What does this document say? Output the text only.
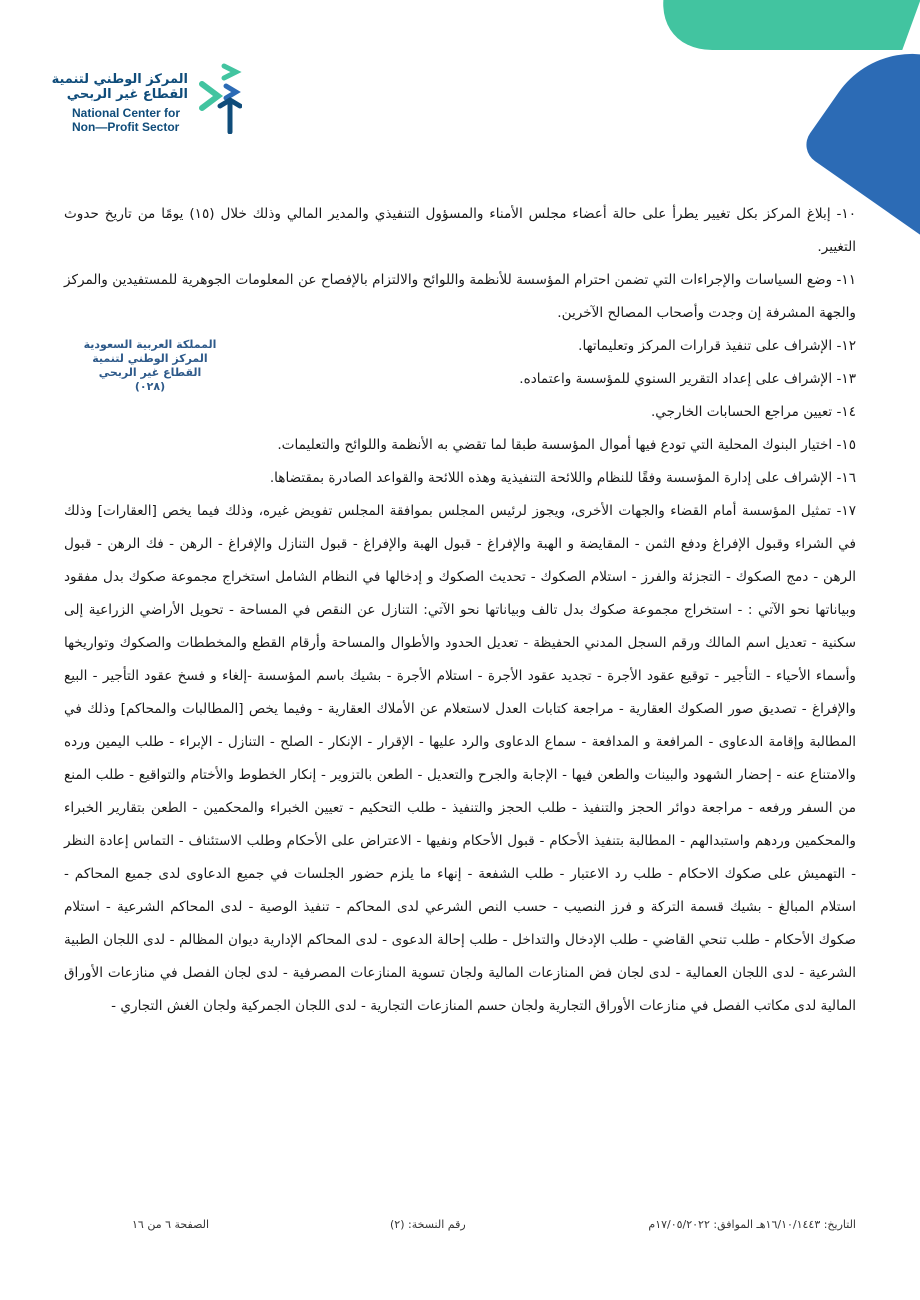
المركز الوطني لتنمية
القطاع غير الربحي
National Center for
Non—Profit Sector
المملكة العربية السعودية
المركز الوطني لتنمية
القطاع غير الربحي
(٠٢٨)

١٠- إبلاغ المركز بكل تغيير يطرأ على حالة أعضاء مجلس الأمناء والمسؤول التنفيذي والمدير المالي وذلك خلال (١٥) يومًا من تاريخ حدوث التغيير.

١١- وضع السياسات والإجراءات التي تضمن احترام المؤسسة للأنظمة واللوائح والالتزام بالإفصاح عن المعلومات الجوهرية للمستفيدين والمركز والجهة المشرفة إن وجدت وأصحاب المصالح الآخرين.

١٢- الإشراف على تنفيذ قرارات المركز وتعليماتها.

١٣- الإشراف على إعداد التقرير السنوي للمؤسسة واعتماده.

١٤- تعيين مراجع الحسابات الخارجي.

١٥- اختيار البنوك المحلية التي تودع فيها أموال المؤسسة طبقا لما تقضي به الأنظمة واللوائح والتعليمات.

١٦- الإشراف على إدارة المؤسسة وفقًا للنظام واللائحة التنفيذية وهذه اللائحة والقواعد الصادرة بمقتضاها.

١٧- تمثيل المؤسسة أمام القضاء والجهات الأخرى، ويجوز لرئيس المجلس بموافقة المجلس تفويض غيره، وذلك فيما يخص [العقارات] وذلك في الشراء وقبول الإفراغ ودفع الثمن - المقايضة و الهبة والإفراغ - قبول الهبة والإفراغ - قبول التنازل والإفراغ - الرهن - فك الرهن - قبول الرهن - دمج الصكوك - التجزئة والفرز - استلام الصكوك - تحديث الصكوك و إدخالها في النظام الشامل استخراج مجموعة صكوك بدل مفقود وبياناتها نحو الآتي : - استخراج مجموعة صكوك بدل تالف وبياناتها نحو الآتي: التنازل عن النقص في المساحة - تحويل الأراضي الزراعية إلى سكنية - تعديل اسم المالك ورقم السجل المدني الحفيظة - تعديل الحدود والأطوال والمساحة وأرقام القطع والمخططات والصكوك وتواريخها وأسماء الأحياء - التأجير - توقيع عقود الأجرة - تجديد عقود الأجرة - استلام الأجرة - بشيك باسم المؤسسة -إلغاء و فسخ عقود التأجير - البيع والإفراغ - تصديق صور الصكوك العقارية - مراجعة كتابات العدل لاستعلام عن الأملاك العقارية - وفيما يخص [المطالبات والمحاكم] وذلك في المطالبة وإقامة الدعاوى - المرافعة و المدافعة - سماع الدعاوى والرد عليها - الإقرار - الإنكار - الصلح - التنازل - الإبراء - طلب اليمين ورده والامتناع عنه - إحضار الشهود والبينات والطعن فيها - الإجابة والجرح والتعديل - الطعن بالتزوير - إنكار الخطوط والأختام والتواقيع - طلب المنع من السفر ورفعه - مراجعة دوائر الحجز والتنفيذ - طلب الحجز والتنفيذ - طلب التحكيم - تعيين الخبراء والمحكمين - الطعن بتقارير الخبراء والمحكمين وردهم واستبدالهم - المطالبة بتنفيذ الأحكام - قبول الأحكام ونفيها - الاعتراض على الأحكام وطلب الاستئناف - التماس إعادة النظر - التهميش على صكوك الاحكام - طلب رد الاعتبار - طلب الشفعة - إنهاء ما يلزم حضور الجلسات في جميع الدعاوى لدى جميع المحاكم - استلام المبالغ - بشيك قسمة التركة و فرز النصيب - حسب النص الشرعي لدى المحاكم - تنفيذ الوصية - لدى المحاكم الشرعية - استلام صكوك الأحكام - طلب تنحي القاضي - طلب الإدخال والتداخل - طلب إحالة الدعوى - لدى المحاكم الإدارية ديوان المظالم - لدى اللجان الطبية الشرعية - لدى اللجان العمالية - لدى لجان فض المنازعات المالية ولجان تسوية المنازعات المصرفية - لدى لجان الفصل في منازعات الأوراق المالية لدى مكاتب الفصل في منازعات الأوراق التجارية ولجان حسم المنازعات التجارية - لدى اللجان الجمركية ولجان الغش التجاري -

التاريخ: ١٦/١٠/١٤٤٣هـ الموافق: ١٧/٠٥/٢٠٢٢م
رقم النسخة: (٢)
الصفحة ٦ من ١٦
